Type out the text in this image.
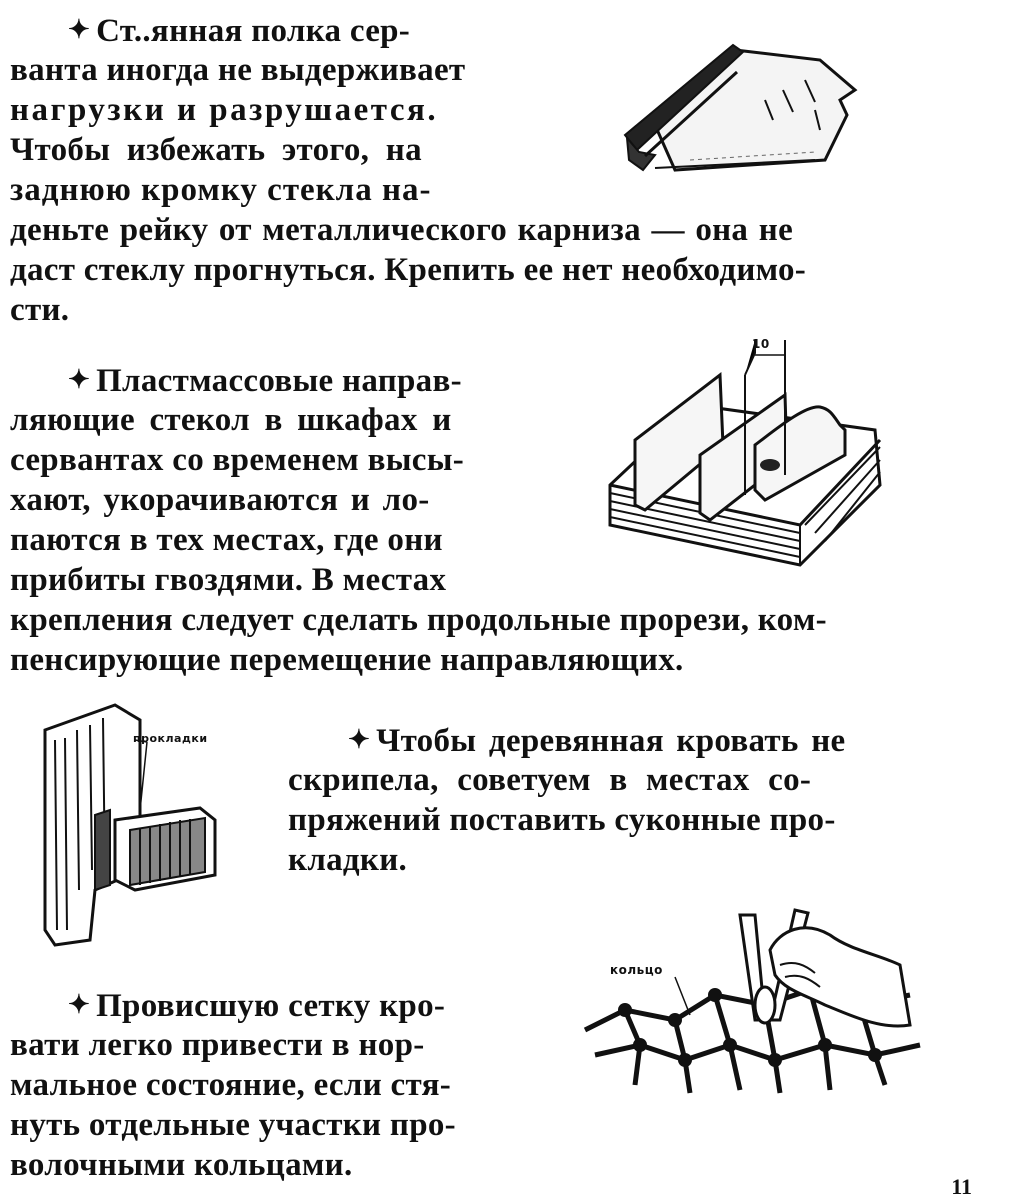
✦ Ст..янная полка сер-
ванта иногда не выдерживает
нагрузки и разрушается.
Чтобы избежать этого, на
заднюю кромку стекла на-
деньте рейку от металлического карниза — она не
даст стеклу прогнуться. Крепить ее нет необходимо-
сти.
✦ Пластмассовые направ-
ляющие стекол в шкафах и
сервантах со временем высы-
хают, укорачиваются и ло-
паются в тех местах, где они
прибиты гвоздями. В местах
крепления следует сделать продольные прорези, ком-
пенсирующие перемещение направляющих.
10
✦ Чтобы деревянная кровать не
скрипела, советуем в местах со-
пряжений поставить суконные про-
кладки.
прокладки
✦ Провисшую сетку кро-
вати легко привести в нор-
мальное состояние, если стя-
нуть отдельные участки про-
волочными кольцами.
кольцо
11
